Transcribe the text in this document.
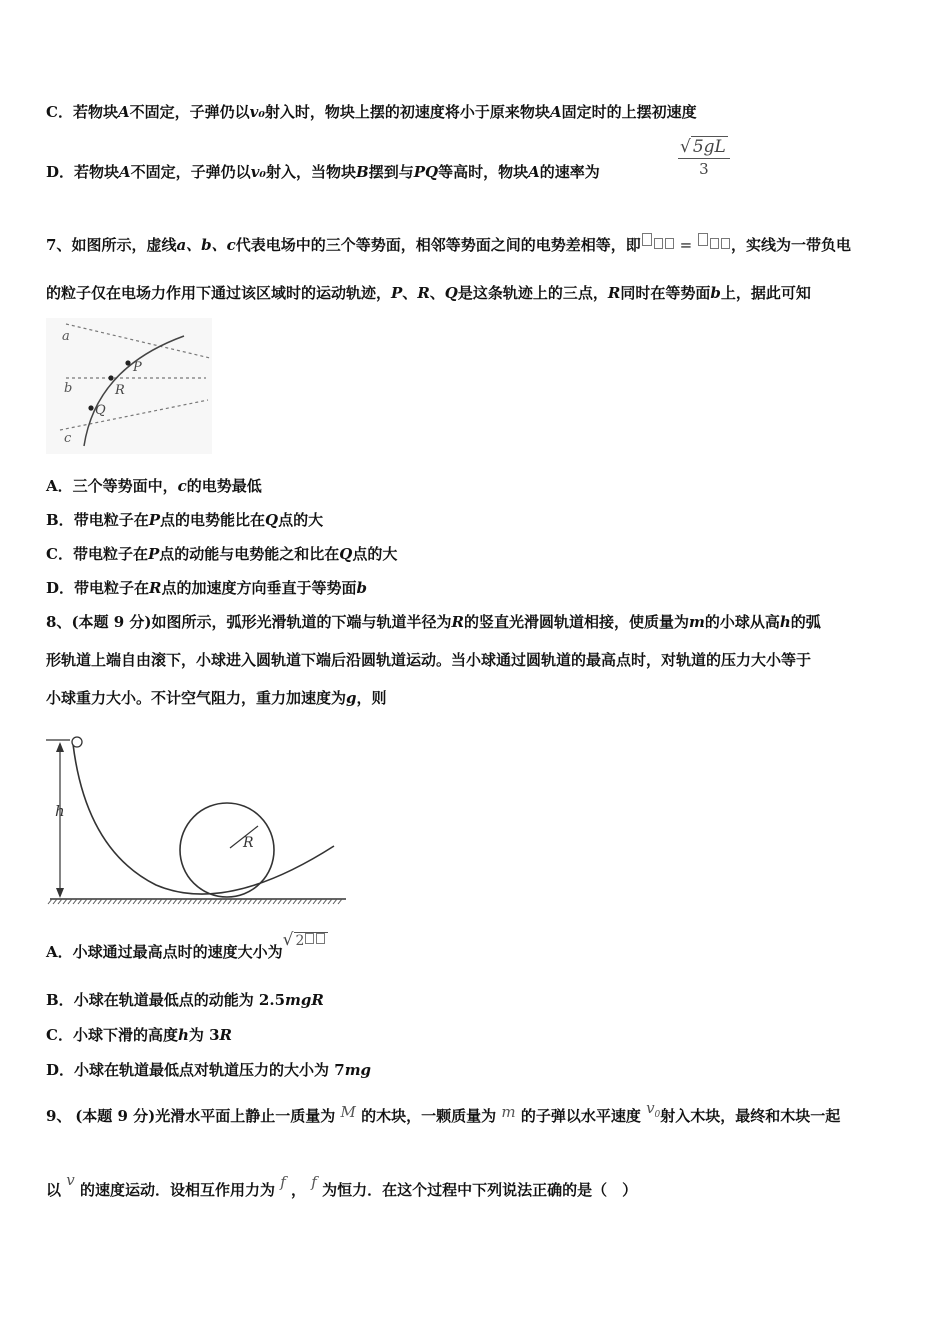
C．若物块A不固定，子弹仍以v₀射入时，物块上摆的初速度将小于原来物块A固定时的上摆初速度
D．若物块A不固定，子弹仍以v₀射入，当物块B摆到与PQ等高时，物块A的速率为	$\frac{√ 5gL}{3}$
7、如图所示，虚线a、b、c代表电场中的三个等势面，相邻等势面之间的电势差相等，即	=	，实线为一带负电
的粒子仅在电场力作用下通过该区域时的运动轨迹，P、R、Q是这条轨迹上的三点，R同时在等势面b上，据此可知
a
b
c
P
R
Q
A．三个等势面中，c的电势最低
B．带电粒子在P点的电势能比在Q点的大
C．带电粒子在P点的动能与电势能之和比在Q点的大
D．带电粒子在R点的加速度方向垂直于等势面b
8、(本题 9 分)如图所示，弧形光滑轨道的下端与轨道半径为R的竖直光滑圆轨道相接，使质量为m的小球从高h的弧
形轨道上端自由滚下，小球进入圆轨道下端后沿圆轨道运动。当小球通过圆轨道的最高点时，对轨道的压力大小等于
小球重力大小。不计空气阻力，重力加速度为g，则
h
R
A．小球通过最高点时的速度大小为√ 2
B．小球在轨道最低点的动能为 2.5mgR
C．小球下滑的高度h为 3R
D．小球在轨道最低点对轨道压力的大小为 7mg
9、  (本题 9 分)光滑水平面上静止一质量为 M 的木块，一颗质量为 m 的子弹以水平速度 $v_0$射入木块，最终和木块一起
以 v 的速度运动．设相互作用力为 f ， f 为恒力．在这个过程中下列说法正确的是（　）
